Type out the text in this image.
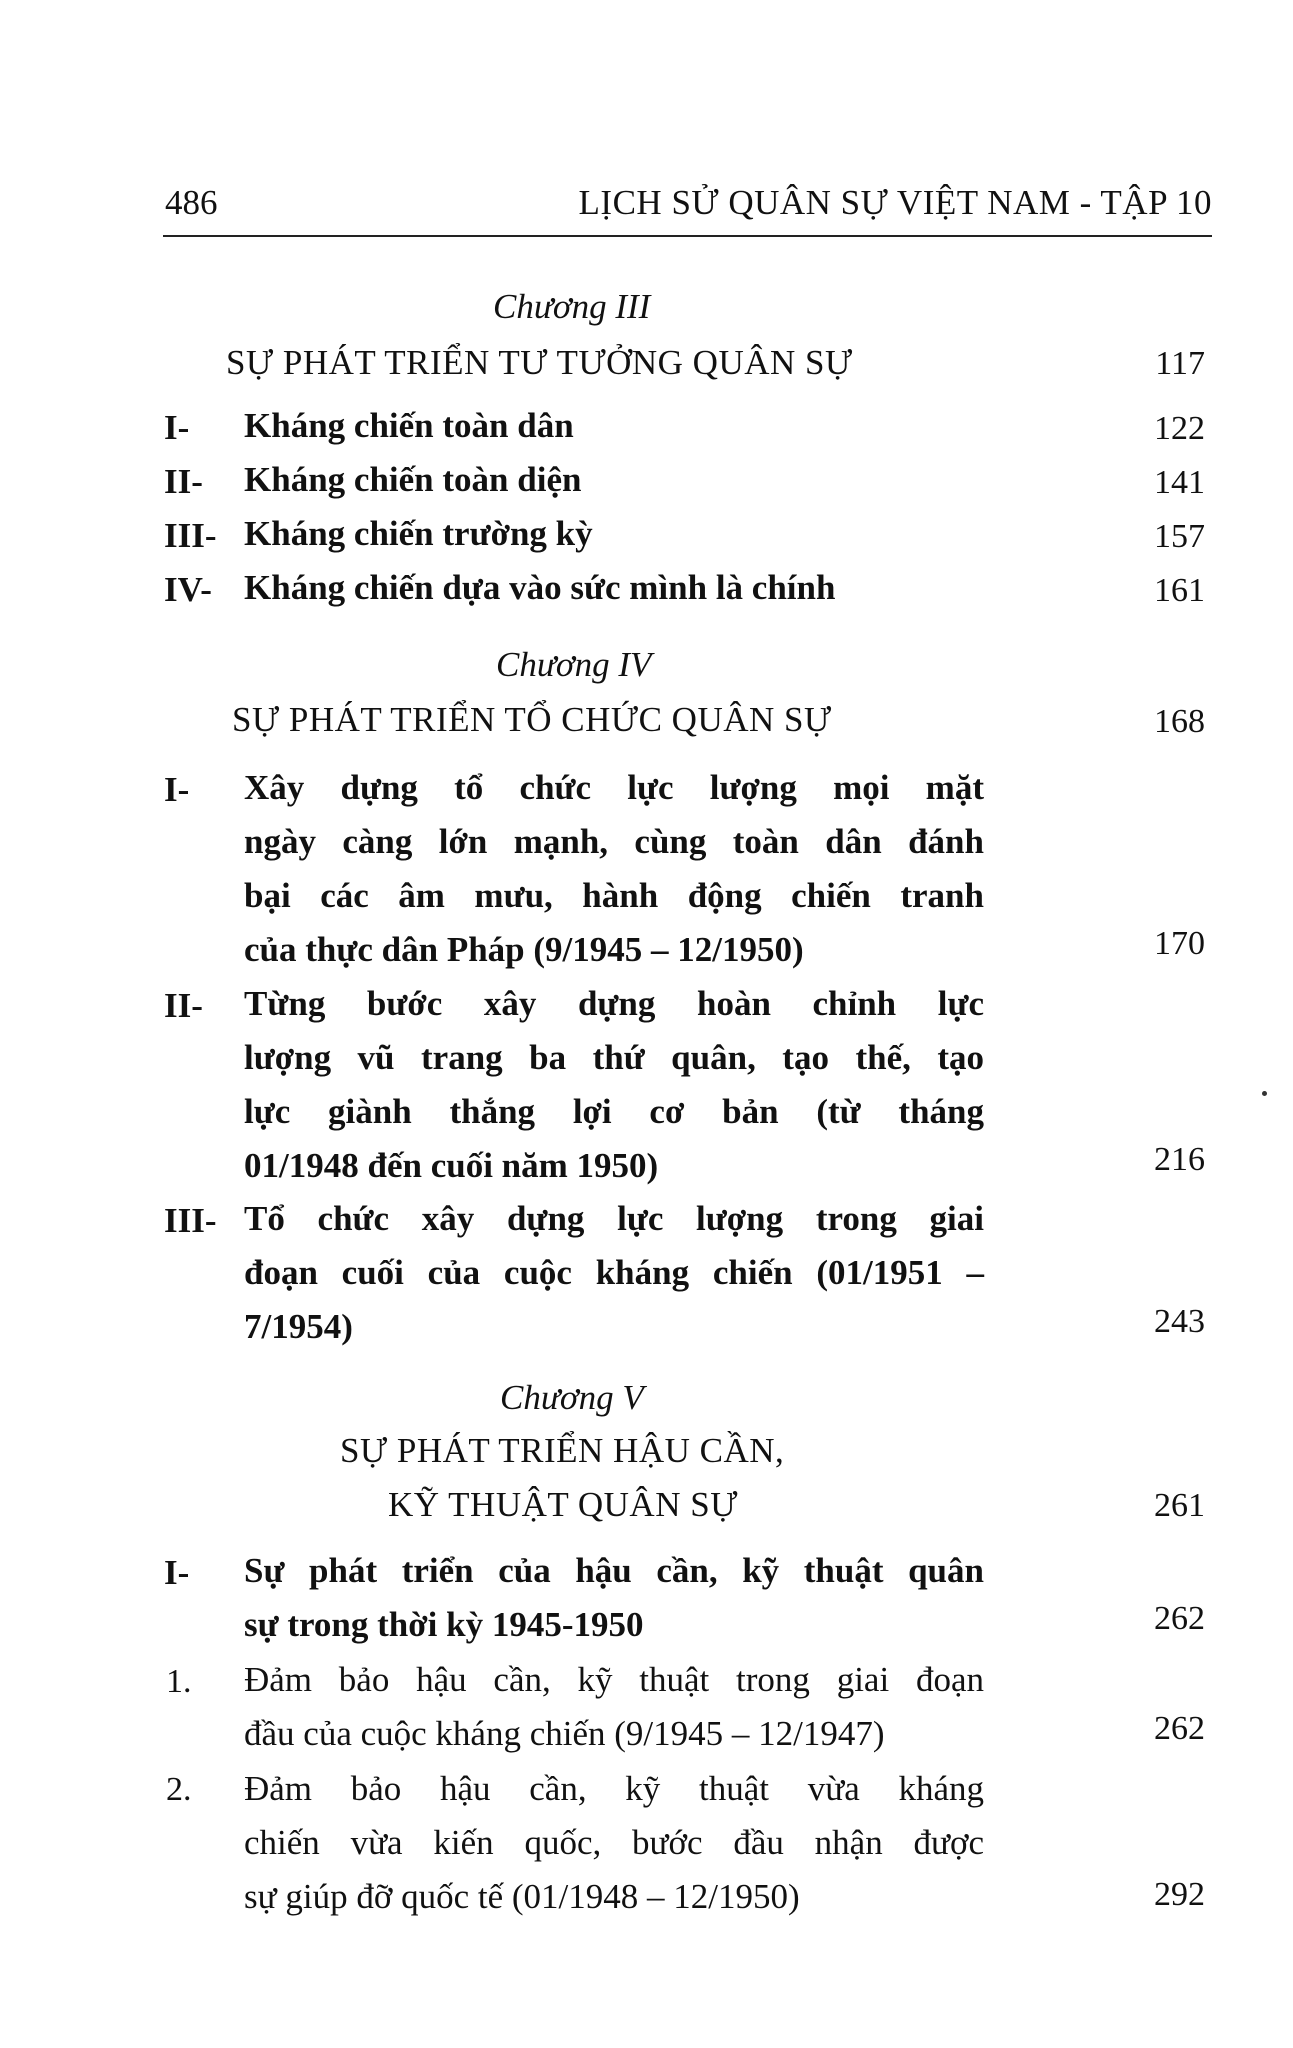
486	LỊCH SỬ QUÂN SỰ VIỆT NAM - TẬP 10
Chương III
SỰ PHÁT TRIỂN TƯ TƯỞNG QUÂN SỰ	117
I- Kháng chiến toàn dân	122
II- Kháng chiến toàn diện	141
III- Kháng chiến trường kỳ	157
IV- Kháng chiến dựa vào sức mình là chính	161
Chương IV
SỰ PHÁT TRIỂN TỔ CHỨC QUÂN SỰ	168
I- Xây dựng tổ chức lực lượng mọi mặt
ngày càng lớn mạnh, cùng toàn dân đánh
bại các âm mưu, hành động chiến tranh
của thực dân Pháp (9/1945 – 12/1950)	170
II- Từng bước xây dựng hoàn chỉnh lực
lượng vũ trang ba thứ quân, tạo thế, tạo
lực giành thắng lợi cơ bản (từ tháng
01/1948 đến cuối năm 1950)	216
III- Tổ chức xây dựng lực lượng trong giai
đoạn cuối của cuộc kháng chiến (01/1951 –
7/1954)	243
Chương V
SỰ PHÁT TRIỂN HẬU CẦN,
KỸ THUẬT QUÂN SỰ	261
I- Sự phát triển của hậu cần, kỹ thuật quân
sự trong thời kỳ 1945-1950	262
1. Đảm bảo hậu cần, kỹ thuật trong giai đoạn
đầu của cuộc kháng chiến (9/1945 – 12/1947)	262
2. Đảm bảo hậu cần, kỹ thuật vừa kháng
chiến vừa kiến quốc, bước đầu nhận được
sự giúp đỡ quốc tế (01/1948 – 12/1950)	292
